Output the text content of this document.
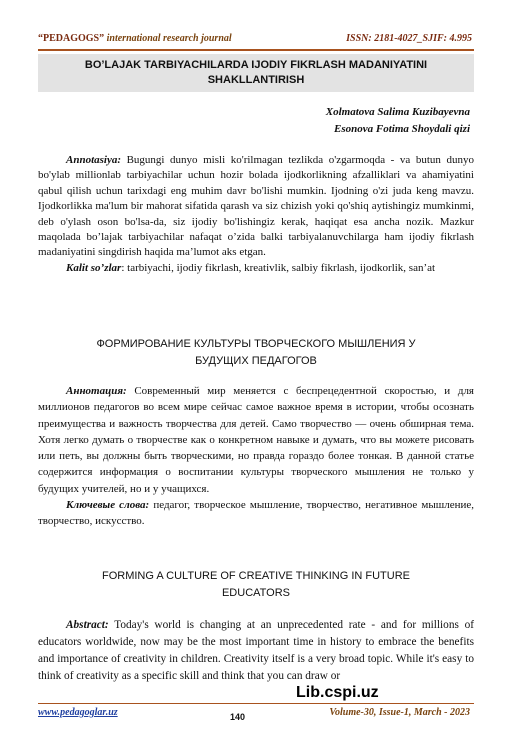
“PEDAGOGS” international research journal	ISSN: 2181-4027_SJIF: 4.995
BO’LAJAK TARBIYACHILARDA IJODIY FIKRLASH MADANIYATINI
SHAKLLANTIRISH
Xolmatova Salima Kuzibayevna
Esonova Fotima Shoydali qizi

Annotasiya: Bugungi dunyo misli ko'rilmagan tezlikda o'zgarmoqda - va butun dunyo bo'ylab millionlab tarbiyachilar uchun hozir bolada ijodkorlikning afzalliklari va ahamiyatini qabul qilish uchun tarixdagi eng muhim davr bo'lishi mumkin. Ijodning o'zi juda keng mavzu. Ijodkorlikka ma'lum bir mahorat sifatida qarash va siz chizish yoki qo'shiq aytishingiz mumkinmi, deb o'ylash oson bo'lsa-da, siz ijodiy bo'lishingiz kerak, haqiqat esa ancha nozik. Mazkur maqolada bo’lajak tarbiyachilar nafaqat o’zida balki tarbiyalanuvchilarga ham ijodiy fikrlash madaniyatini singdirish haqida ma’lumot aks etgan.

Kalit so’zlar: tarbiyachi, ijodiy fikrlash, kreativlik, salbiy fikrlash, ijodkorlik, san’at

ФОРМИРОВАНИЕ КУЛЬТУРЫ ТВОРЧЕСКОГО МЫШЛЕНИЯ У
БУДУЩИХ ПЕДАГОГОВ

Аннотация: Современный мир меняется с беспрецедентной скоростью, и для миллионов педагогов во всем мире сейчас самое важное время в истории, чтобы осознать преимущества и важность творчества для детей. Само творчество — очень обширная тема. Хотя легко думать о творчестве как о конкретном навыке и думать, что вы можете рисовать или петь, вы должны быть творческими, но правда гораздо более тонкая. В данной статье содержится информация о воспитании культуры творческого мышления не только у будущих учителей, но и у учащихся.

Ключевые слова: педагог, творческое мышление, творчество, негативное мышление, творчество, искусство.

FORMING A CULTURE OF CREATIVE THINKING IN FUTURE
EDUCATORS

Abstract: Today's world is changing at an unprecedented rate - and for millions of educators worldwide, now may be the most important time in history to embrace the benefits and importance of creativity in children. Creativity itself is a very broad topic. While it's easy to think of creativity as a specific skill and think that you can draw or

Lib.cspi.uz
www.pedagoglar.uz	140	Volume-30, Issue-1, March - 2023
